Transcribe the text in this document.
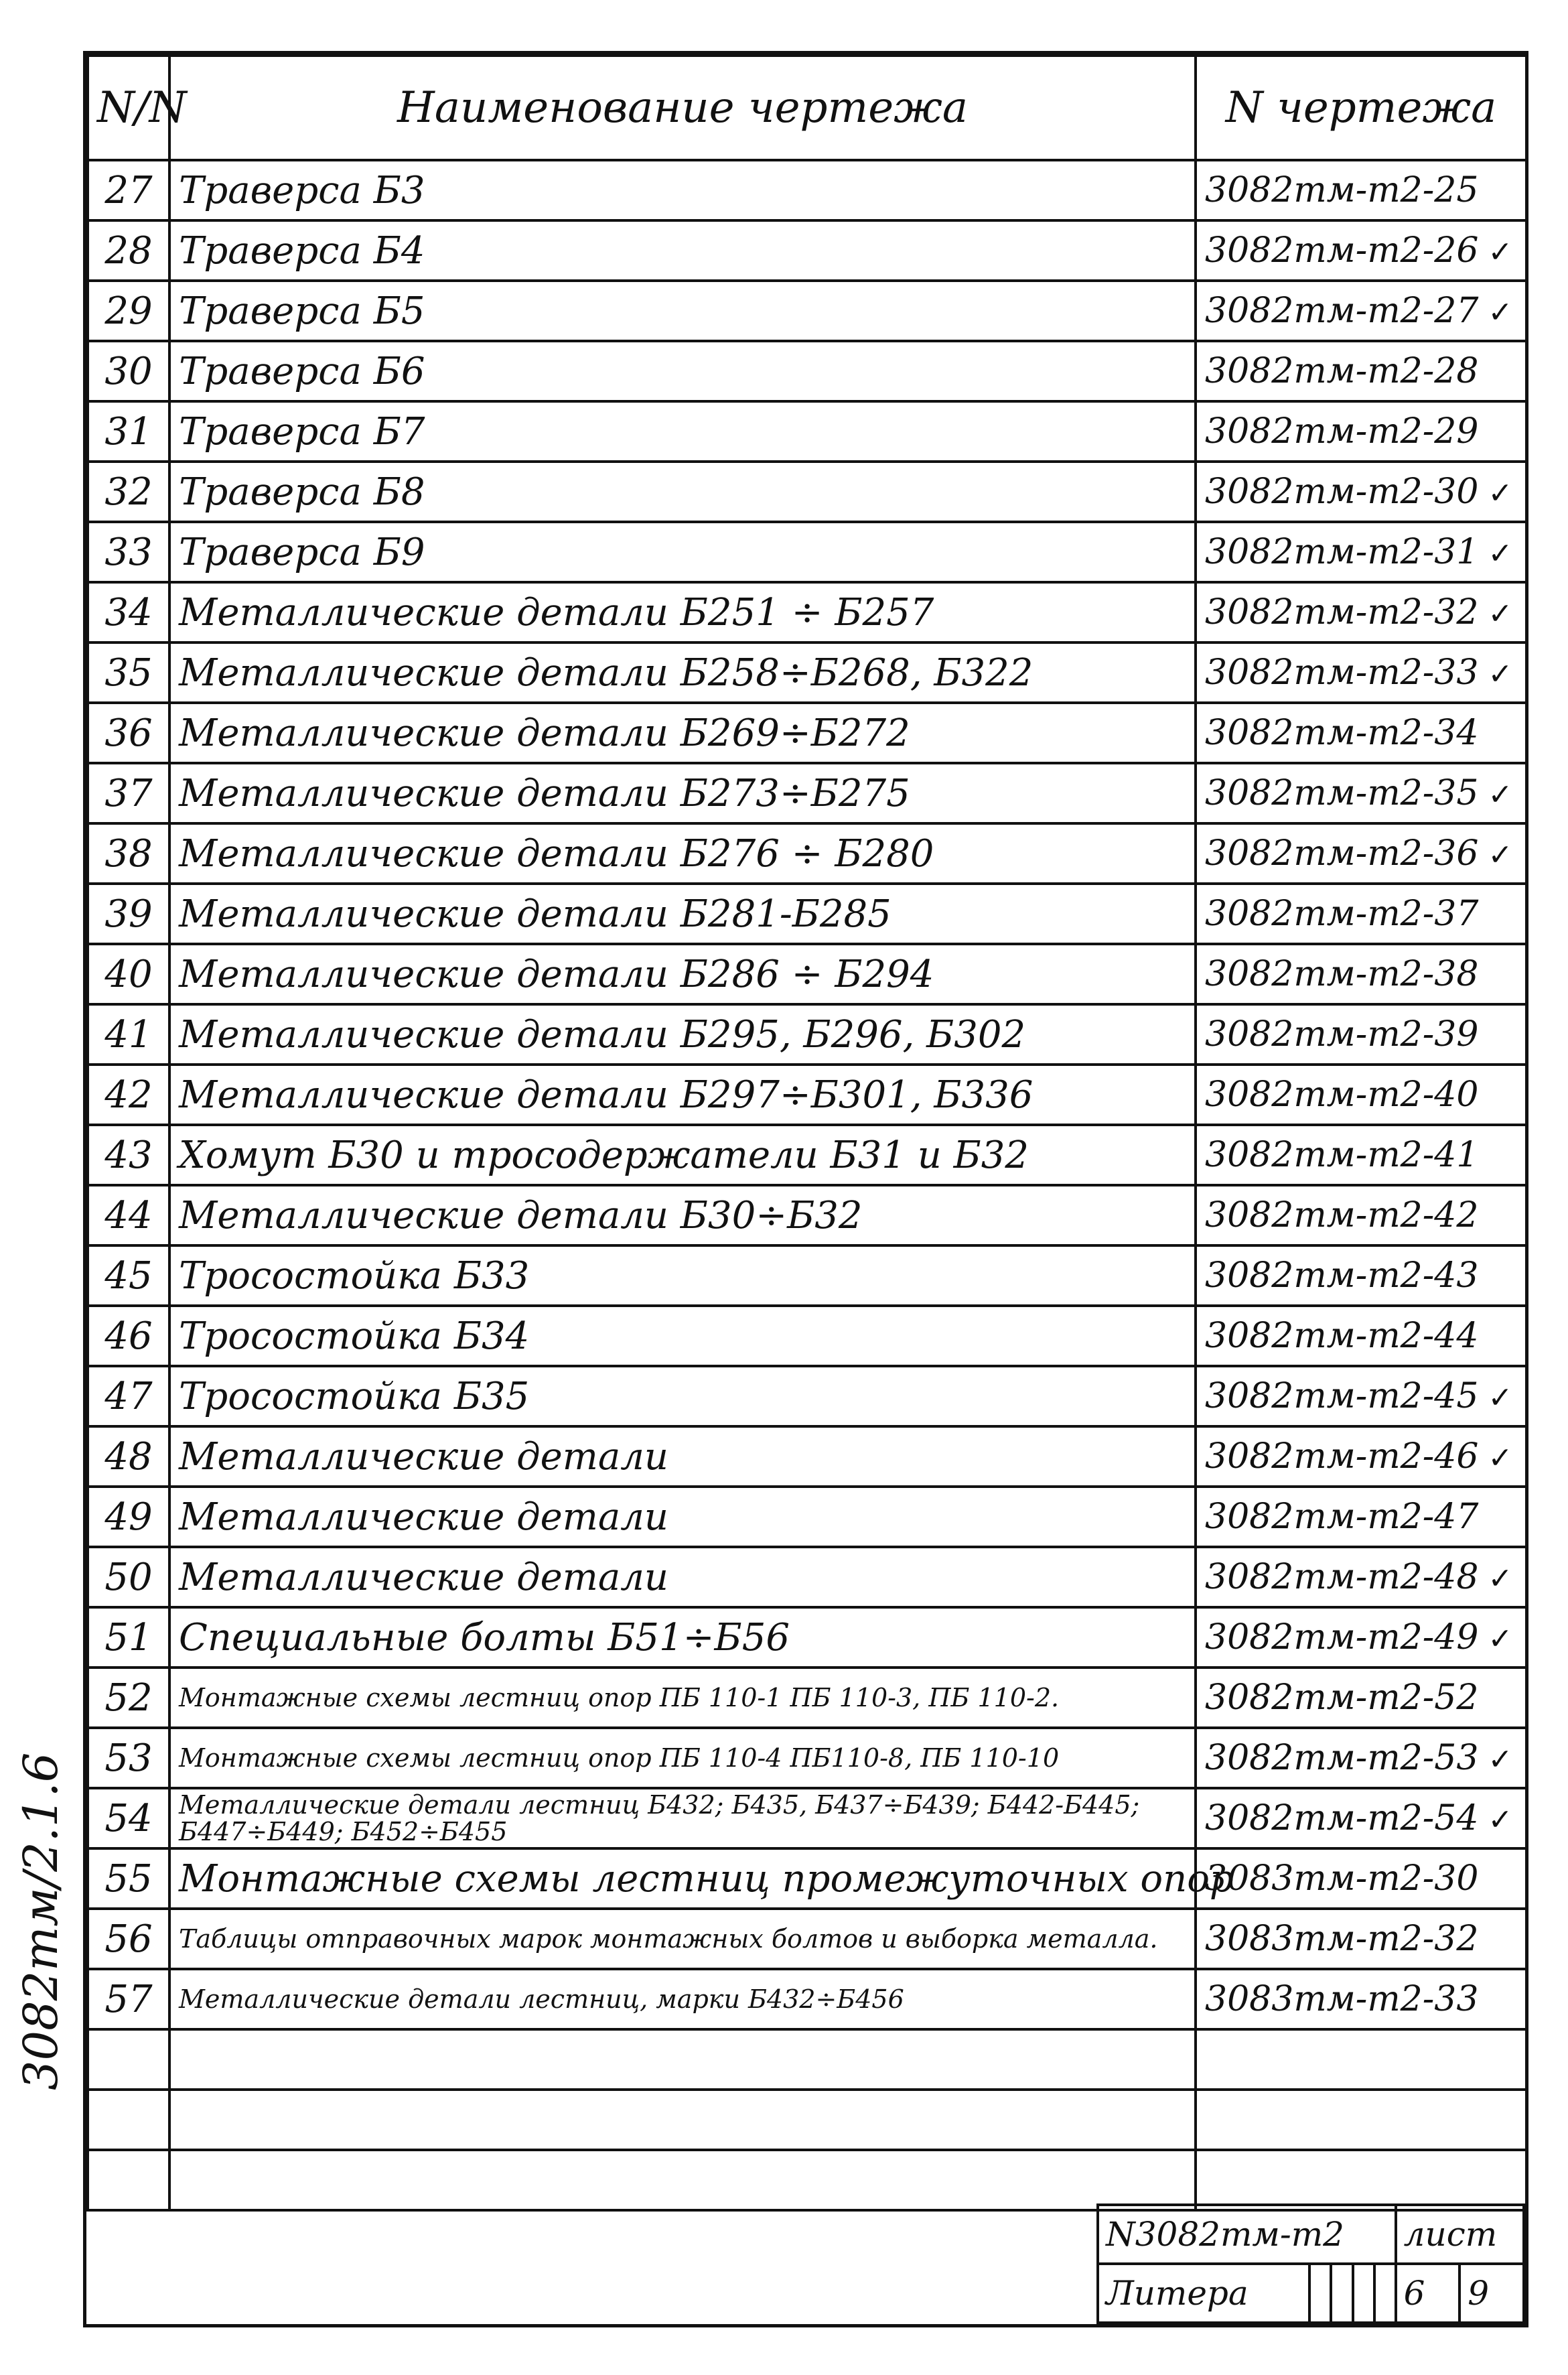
N/N	Наименование чертежа	N чертежа
27	Траверса Б3	3082тм-т2-25
28	Траверса Б4	3082тм-т2-26 ✓
29	Траверса Б5	3082тм-т2-27 ✓
30	Траверса Б6	3082тм-т2-28
31	Траверса Б7	3082тм-т2-29
32	Траверса Б8	3082тм-т2-30 ✓
33	Траверса Б9	3082тм-т2-31 ✓
34	Металлические детали Б251 ÷ Б257	3082тм-т2-32 ✓
35	Металлические детали Б258÷Б268, Б322	3082тм-т2-33 ✓
36	Металлические детали Б269÷Б272	3082тм-т2-34
37	Металлические детали Б273÷Б275	3082тм-т2-35 ✓
38	Металлические детали Б276 ÷ Б280	3082тм-т2-36 ✓
39	Металлические детали Б281-Б285	3082тм-т2-37
40	Металлические детали Б286 ÷ Б294	3082тм-т2-38
41	Металлические детали Б295, Б296, Б302	3082тм-т2-39
42	Металлические детали Б297÷Б301, Б336	3082тм-т2-40
43	Хомут Б30 и тросодержатели Б31 и Б32	3082тм-т2-41
44	Металлические детали Б30÷Б32	3082тм-т2-42
45	Тросостойка Б33	3082тм-т2-43
46	Тросостойка Б34	3082тм-т2-44
47	Тросостойка Б35	3082тм-т2-45 ✓
48	Металлические детали	3082тм-т2-46 ✓
49	Металлические детали	3082тм-т2-47
50	Металлические детали	3082тм-т2-48 ✓
51	Специальные болты Б51÷Б56	3082тм-т2-49 ✓
52	Монтажные схемы лестниц опор ПБ 110-1 ПБ 110-3, ПБ 110-2.	3082тм-т2-52
53	Монтажные схемы лестниц опор ПБ 110-4 ПБ110-8, ПБ 110-10	3082тм-т2-53 ✓
54	Металлические детали лестниц Б432; Б435, Б437÷Б439; Б442-Б445; Б447÷Б449; Б452÷Б455	3082тм-т2-54 ✓
55	Монтажные схемы лестниц промежуточных опор	3083тм-т2-30
56	Таблицы отправочных марок монтажных болтов и выборка металла.	3083тм-т2-32
57	Металлические детали лестниц, марки Б432÷Б456	3083тм-т2-33

N3082тм-т2					лист	
Литера					6	9
3082тм/2.1.6
